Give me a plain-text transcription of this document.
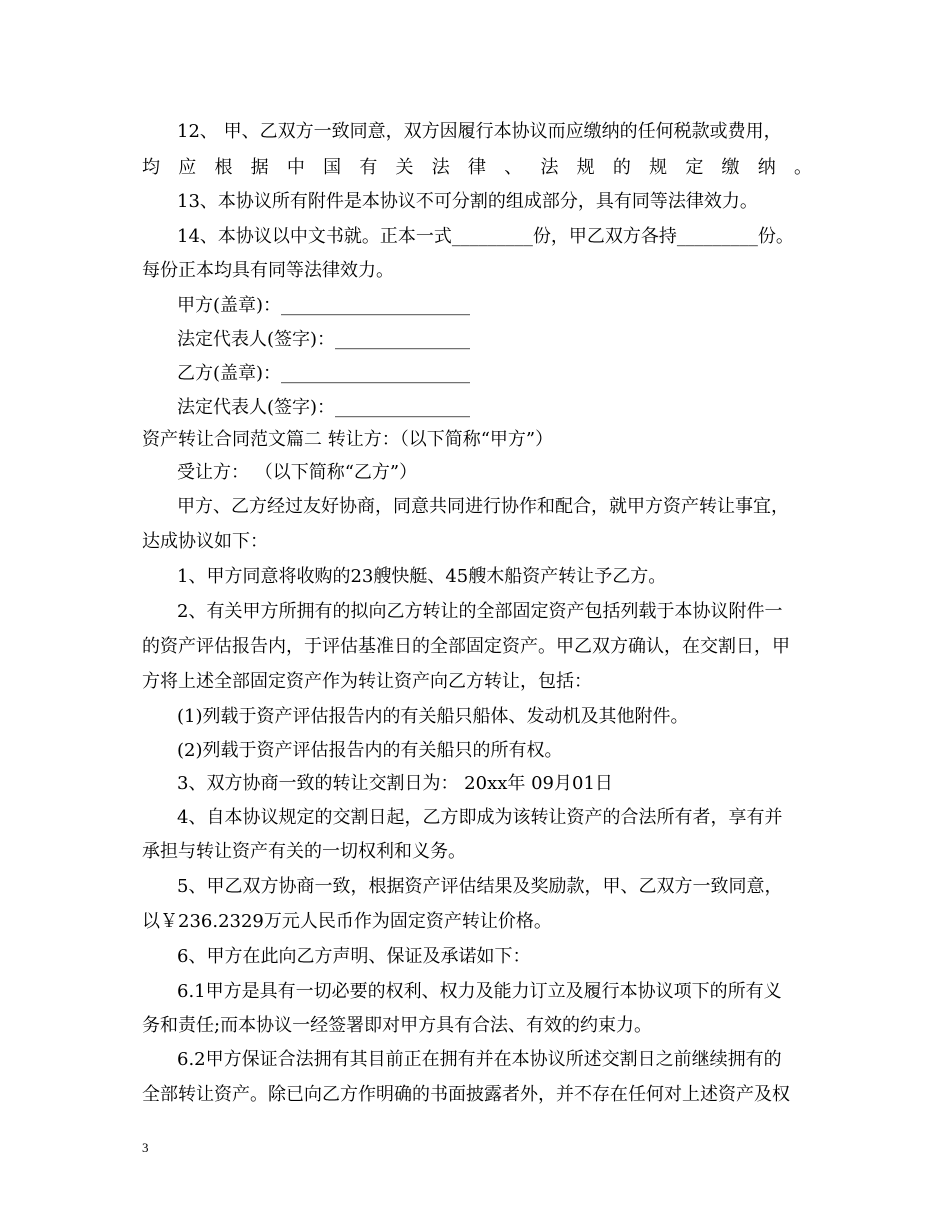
12、 甲、乙双方一致同意，双方因履行本协议而应缴纳的任何税款或费用，
均应根据中国有关法律、法规的规定缴纳。
13、本协议所有附件是本协议不可分割的组成部分，具有同等法律效力。
14、本协议以中文书就。正本一式_________份，甲乙双方各持_________份。
每份正本均具有同等法律效力。
甲方(盖章)：_____________________
法定代表人(签字)：_______________
乙方(盖章)：_____________________
法定代表人(签字)：_______________
资产转让合同范文篇二 转让方：（以下简称“甲方”）
受让方： （以下简称“乙方”）
甲方、乙方经过友好协商，同意共同进行协作和配合，就甲方资产转让事宜，
达成协议如下：
1、甲方同意将收购的23艘快艇、45艘木船资产转让予乙方。
2、有关甲方所拥有的拟向乙方转让的全部固定资产包括列载于本协议附件一
的资产评估报告内，于评估基准日的全部固定资产。甲乙双方确认，在交割日，甲
方将上述全部固定资产作为转让资产向乙方转让，包括：
(1)列载于资产评估报告内的有关船只船体、发动机及其他附件。
(2)列载于资产评估报告内的有关船只的所有权。
3、双方协商一致的转让交割日为： 20xx年 09月01日
4、自本协议规定的交割日起，乙方即成为该转让资产的合法所有者，享有并
承担与转让资产有关的一切权利和义务。
5、甲乙双方协商一致，根据资产评估结果及奖励款，甲、乙双方一致同意，
以￥236.2329万元人民币作为固定资产转让价格。
6、甲方在此向乙方声明、保证及承诺如下：
6.1甲方是具有一切必要的权利、权力及能力订立及履行本协议项下的所有义
务和责任;而本协议一经签署即对甲方具有合法、有效的约束力。
6.2甲方保证合法拥有其目前正在拥有并在本协议所述交割日之前继续拥有的
全部转让资产。除已向乙方作明确的书面披露者外，并不存在任何对上述资产及权
3
